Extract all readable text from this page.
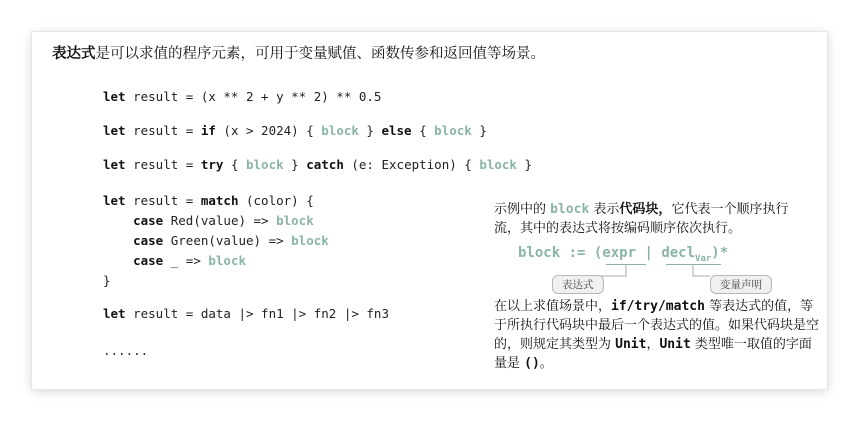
表达式是可以求值的程序元素，可用于变量赋值、函数传参和返回值等场景。
let result = (x ** 2 + y ** 2) ** 0.5
let result = if (x > 2024) { block } else { block }
let result = try { block } catch (e: Exception) { block }
let result = match (color) {
case Red(value) => block
case Green(value) => block
case _ => block
}
let result = data |> fn1 |> fn2 |> fn3
......
示例中的 block 表示代码块，它代表一个顺序执行流，其中的表达式将按编码顺序依次执行。
block := (expr | decl$_{Var}$)*
表达式	变量声明
在以上求值场景中，if/try/match 等表达式的值，等于所执行代码块中最后一个表达式的值。如果代码块是空的，则规定其类型为 Unit，Unit 类型唯一取值的字面量是 ()。
